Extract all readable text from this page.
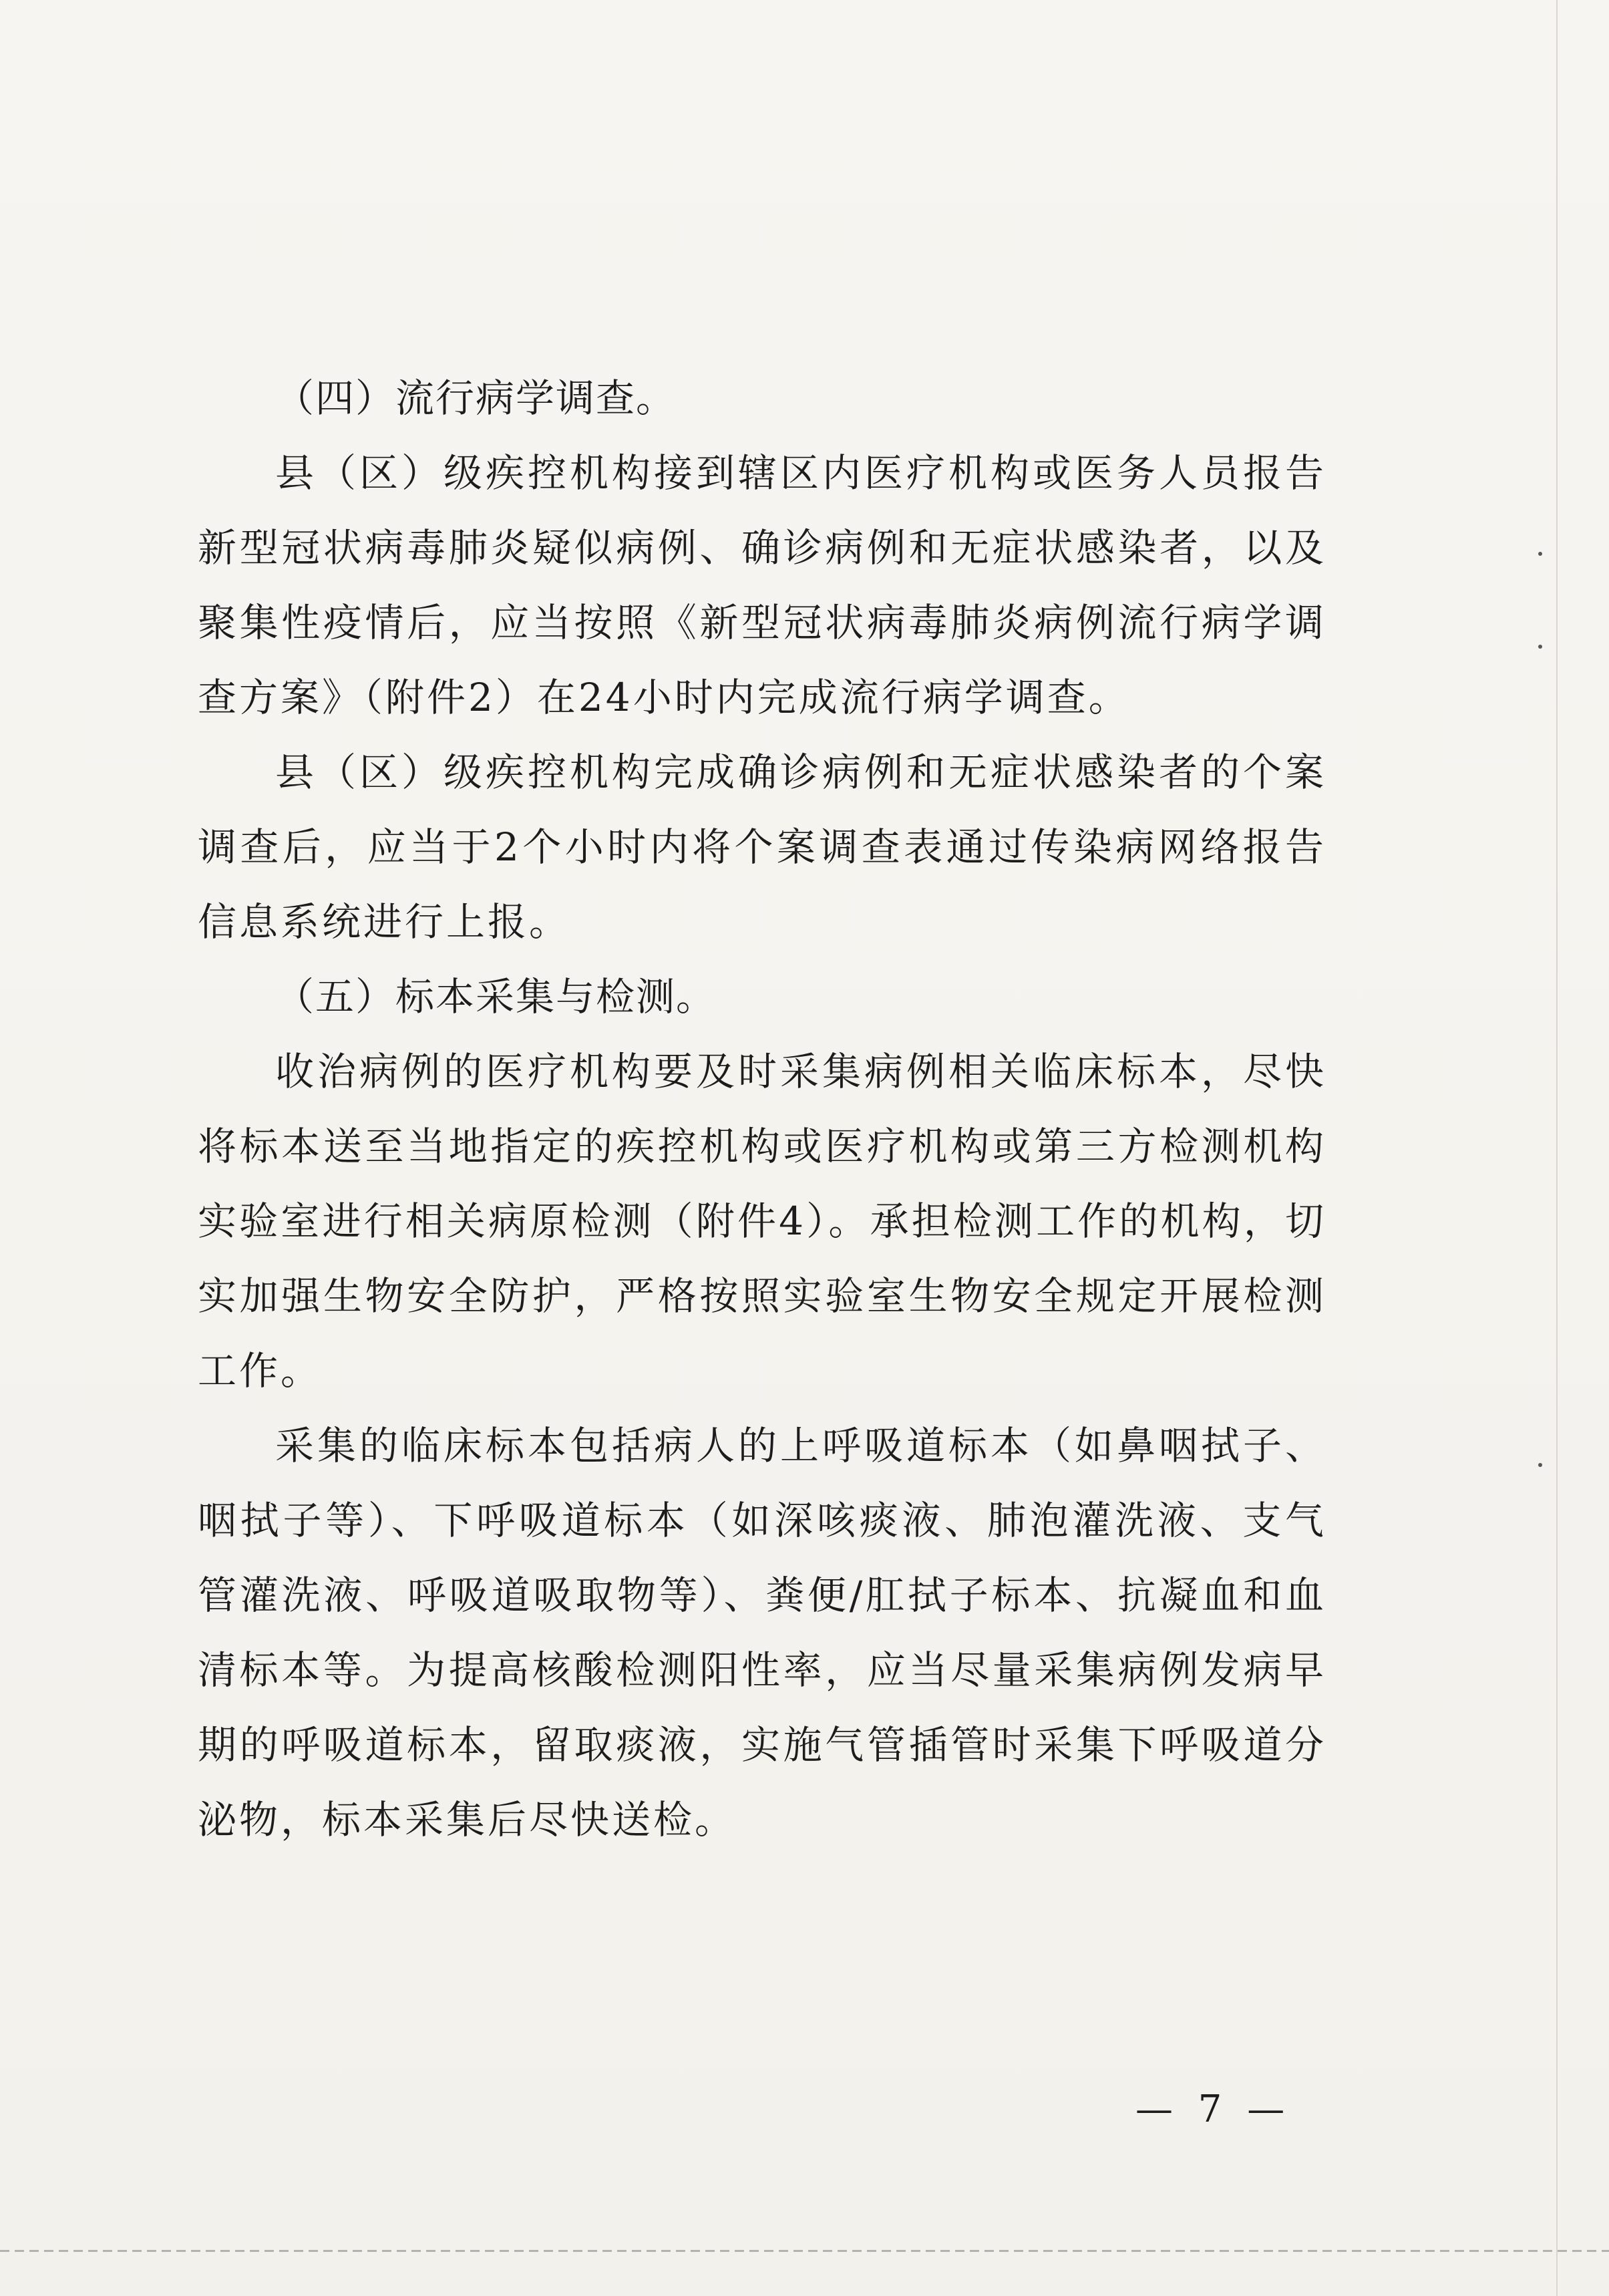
（四）流行病学调查。

县（区）级疾控机构接到辖区内医疗机构或医务人员报告新型冠状病毒肺炎疑似病例、确诊病例和无症状感染者，以及聚集性疫情后，应当按照《新型冠状病毒肺炎病例流行病学调查方案》（附件2）在24小时内完成流行病学调查。

县（区）级疾控机构完成确诊病例和无症状感染者的个案调查后，应当于2个小时内将个案调查表通过传染病网络报告信息系统进行上报。

（五）标本采集与检测。

收治病例的医疗机构要及时采集病例相关临床标本，尽快将标本送至当地指定的疾控机构或医疗机构或第三方检测机构实验室进行相关病原检测（附件4）。承担检测工作的机构，切实加强生物安全防护，严格按照实验室生物安全规定开展检测工作。

采集的临床标本包括病人的上呼吸道标本（如鼻咽拭子、咽拭子等）、下呼吸道标本（如深咳痰液、肺泡灌洗液、支气管灌洗液、呼吸道吸取物等）、粪便/肛拭子标本、抗凝血和血清标本等。为提高核酸检测阳性率，应当尽量采集病例发病早期的呼吸道标本，留取痰液，实施气管插管时采集下呼吸道分泌物，标本采集后尽快送检。

— 7 —
